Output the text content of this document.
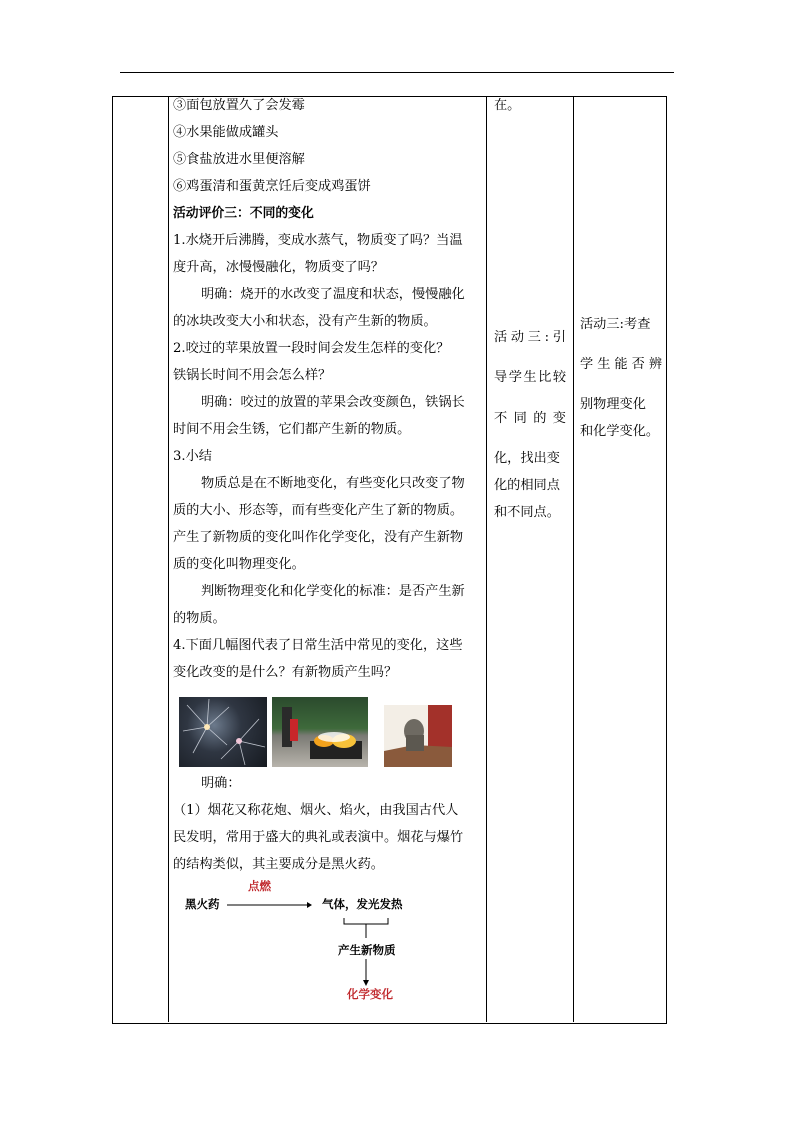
③面包放置久了会发霉

④水果能做成罐头

⑤食盐放进水里便溶解

⑥鸡蛋清和蛋黄烹饪后变成鸡蛋饼

活动评价三：不同的变化

1.水烧开后沸腾，变成水蒸气，物质变了吗？当温

度升高，冰慢慢融化，物质变了吗？

明确：烧开的水改变了温度和状态，慢慢融化

的冰块改变大小和状态，没有产生新的物质。

2.咬过的苹果放置一段时间会发生怎样的变化？

铁锅长时间不用会怎么样？

明确：咬过的放置的苹果会改变颜色，铁锅长

时间不用会生锈，它们都产生新的物质。

3.小结

物质总是在不断地变化，有些变化只改变了物

质的大小、形态等，而有些变化产生了新的物质。

产生了新物质的变化叫作化学变化，没有产生新物

质的变化叫物理变化。

判断物理变化和化学变化的标准：是否产生新

的物质。

4.下面几幅图代表了日常生活中常见的变化，这些

变化改变的是什么？有新物质产生吗？

明确：

（1）烟花又称花炮、烟火、焰火，由我国古代人

民发明，常用于盛大的典礼或表演中。烟花与爆竹

的结构类似，其主要成分是黑火药。

黑火药
点燃
气体，发光发热
产生新物质
化学变化

在。

活 动 三 : 引

导 学 生 比 较

不 同 的 变

化，找出变

化的相同点

和不同点。

活动三:考查

学 生 能 否 辨

别物理变化

和化学变化。
